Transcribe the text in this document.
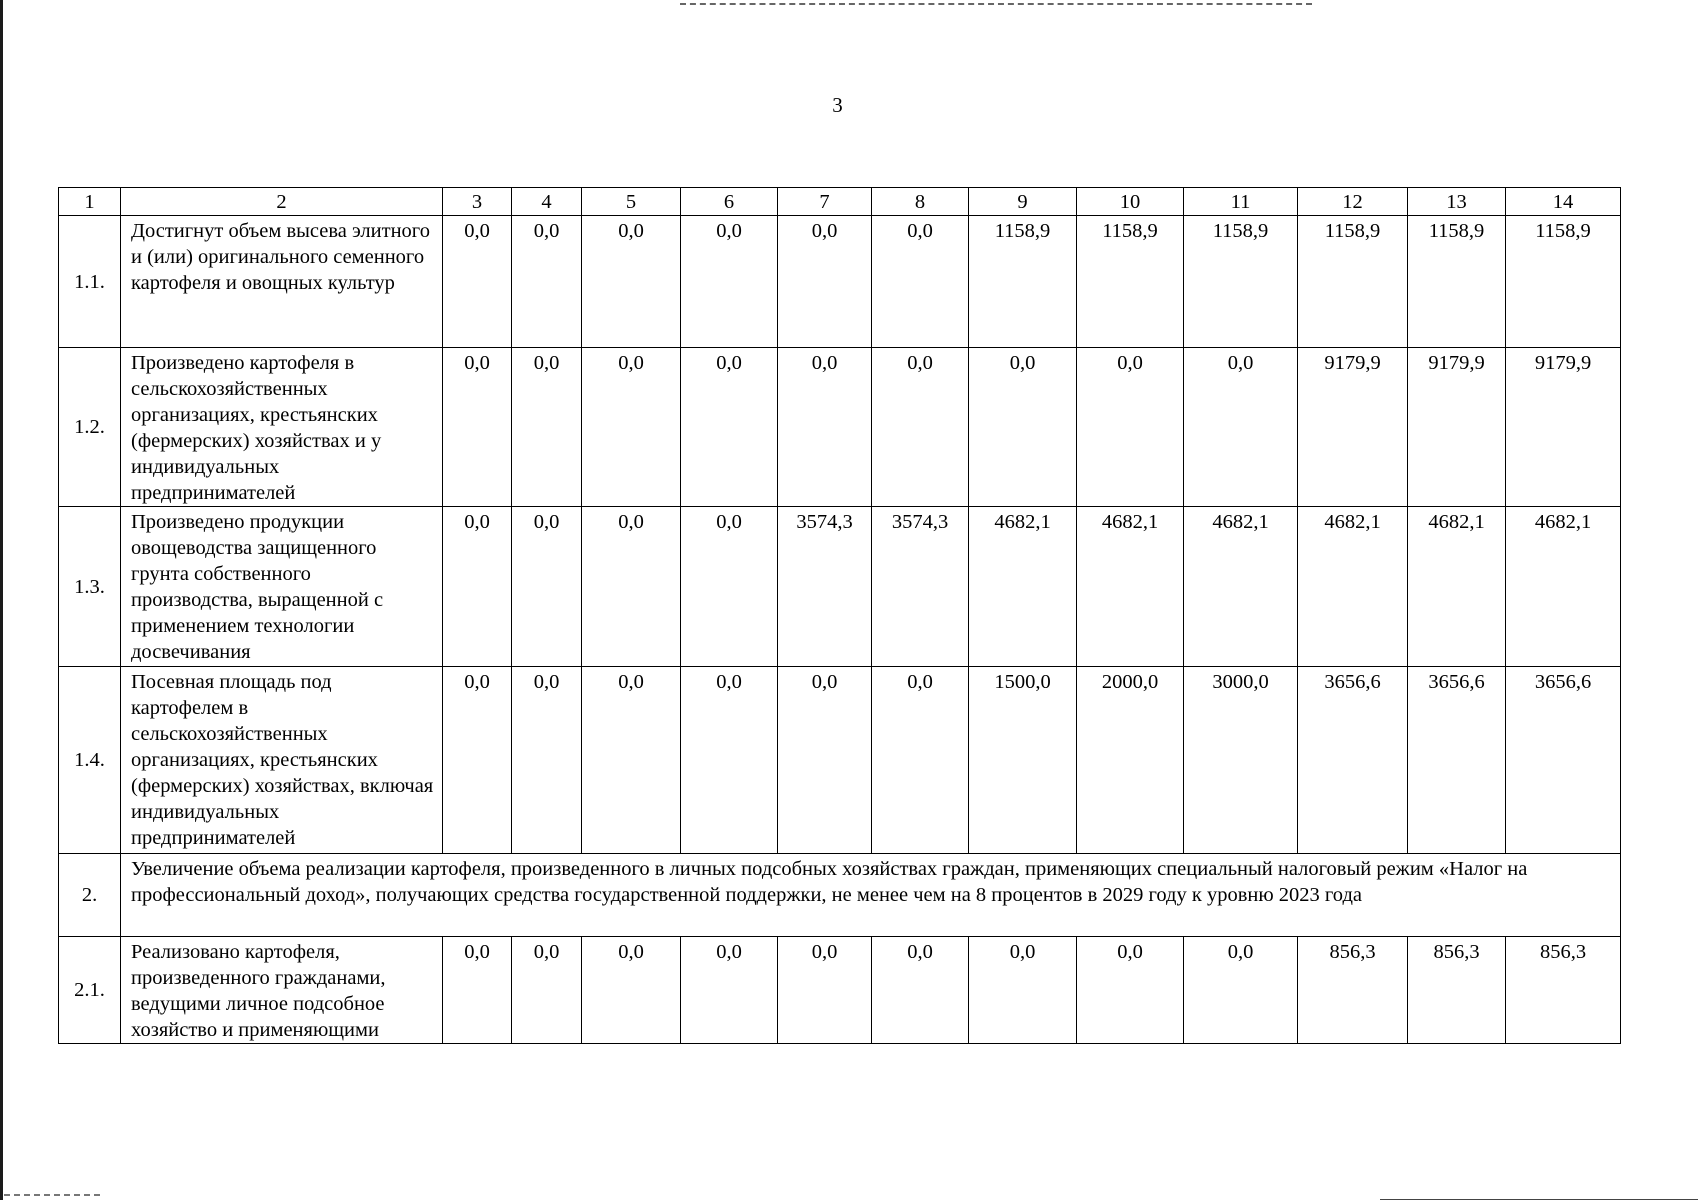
3
1	2	3	4	5	6	7	8	9	10	11	12	13	14
1.1.	Достигнут объем высева элитного и (или) оригинального семенного картофеля и овощных культур	0,0	0,0	0,0	0,0	0,0	0,0	1158,9	1158,9	1158,9	1158,9	1158,9	1158,9
1.2.	Произведено картофеля в сельскохозяйственных организациях, крестьянских (фермерских) хозяйствах и у индивидуальных предпринимателей	0,0	0,0	0,0	0,0	0,0	0,0	0,0	0,0	0,0	9179,9	9179,9	9179,9
1.3.	Произведено продукции овощеводства защищенного грунта собственного производства, выращенной с применением технологии досвечивания	0,0	0,0	0,0	0,0	3574,3	3574,3	4682,1	4682,1	4682,1	4682,1	4682,1	4682,1
1.4.	Посевная площадь под картофелем в сельскохозяйственных организациях, крестьянских (фермерских) хозяйствах, включая индивидуальных предпринимателей	0,0	0,0	0,0	0,0	0,0	0,0	1500,0	2000,0	3000,0	3656,6	3656,6	3656,6
2.	Увеличение объема реализации картофеля, произведенного в личных подсобных хозяйствах граждан, применяющих специальный налоговый режим «Налог на профессиональный доход», получающих средства государственной поддержки, не менее чем на 8 процентов в 2029 году к уровню 2023 года												
2.1.	Реализовано картофеля, произведенного гражданами, ведущими личное подсобное хозяйство и применяющими	0,0	0,0	0,0	0,0	0,0	0,0	0,0	0,0	0,0	856,3	856,3	856,3
